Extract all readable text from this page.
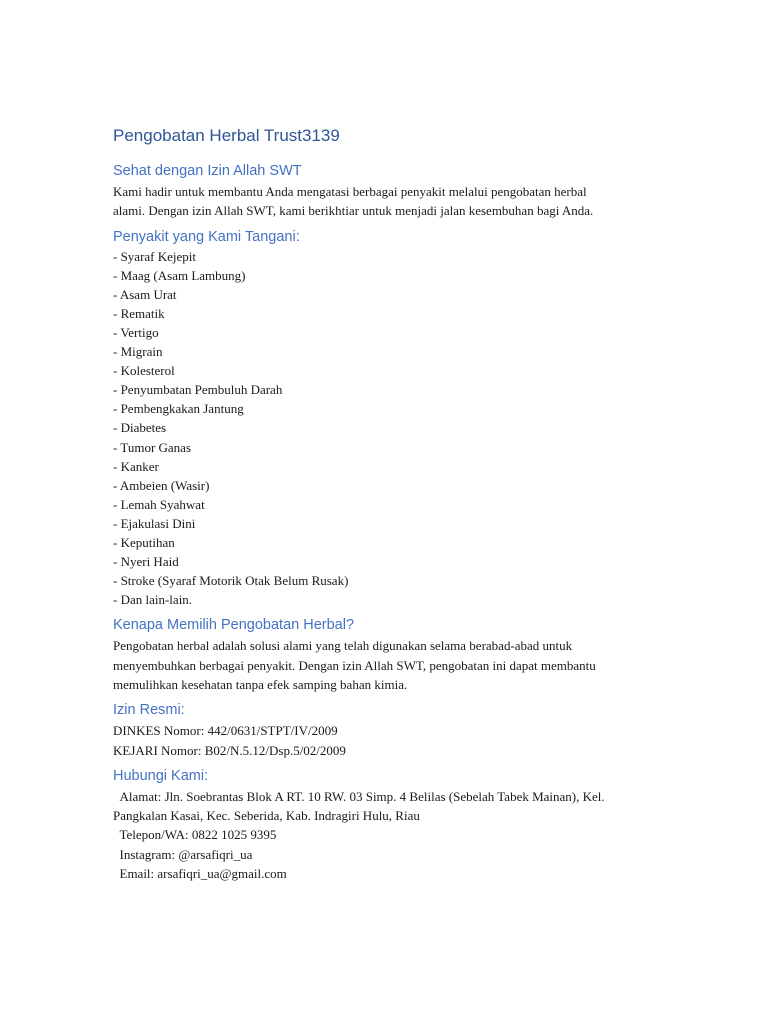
Pengobatan Herbal Trust3139
Sehat dengan Izin Allah SWT

Kami hadir untuk membantu Anda mengatasi berbagai penyakit melalui pengobatan herbal

alami. Dengan izin Allah SWT, kami berikhtiar untuk menjadi jalan kesembuhan bagi Anda.

Penyakit yang Kami Tangani:
- Syaraf Kejepit
- Maag (Asam Lambung)
- Asam Urat
- Rematik
- Vertigo
- Migrain
- Kolesterol
- Penyumbatan Pembuluh Darah
- Pembengkakan Jantung
- Diabetes
- Tumor Ganas
- Kanker
- Ambeien (Wasir)
- Lemah Syahwat
- Ejakulasi Dini
- Keputihan
- Nyeri Haid
- Stroke (Syaraf Motorik Otak Belum Rusak)
- Dan lain-lain.
Kenapa Memilih Pengobatan Herbal?

Pengobatan herbal adalah solusi alami yang telah digunakan selama berabad-abad untuk

menyembuhkan berbagai penyakit. Dengan izin Allah SWT, pengobatan ini dapat membantu

memulihkan kesehatan tanpa efek samping bahan kimia.

Izin Resmi:

DINKES Nomor: 442/0631/STPT/IV/2009

KEJARI Nomor: B02/N.5.12/Dsp.5/02/2009

Hubungi Kami:

Alamat: Jln. Soebrantas Blok A RT. 10 RW. 03 Simp. 4 Belilas (Sebelah Tabek Mainan), Kel.

Pangkalan Kasai, Kec. Seberida, Kab. Indragiri Hulu, Riau

Telepon/WA: 0822 1025 9395

Instagram: @arsafiqri_ua

Email: arsafiqri_ua@gmail.com
